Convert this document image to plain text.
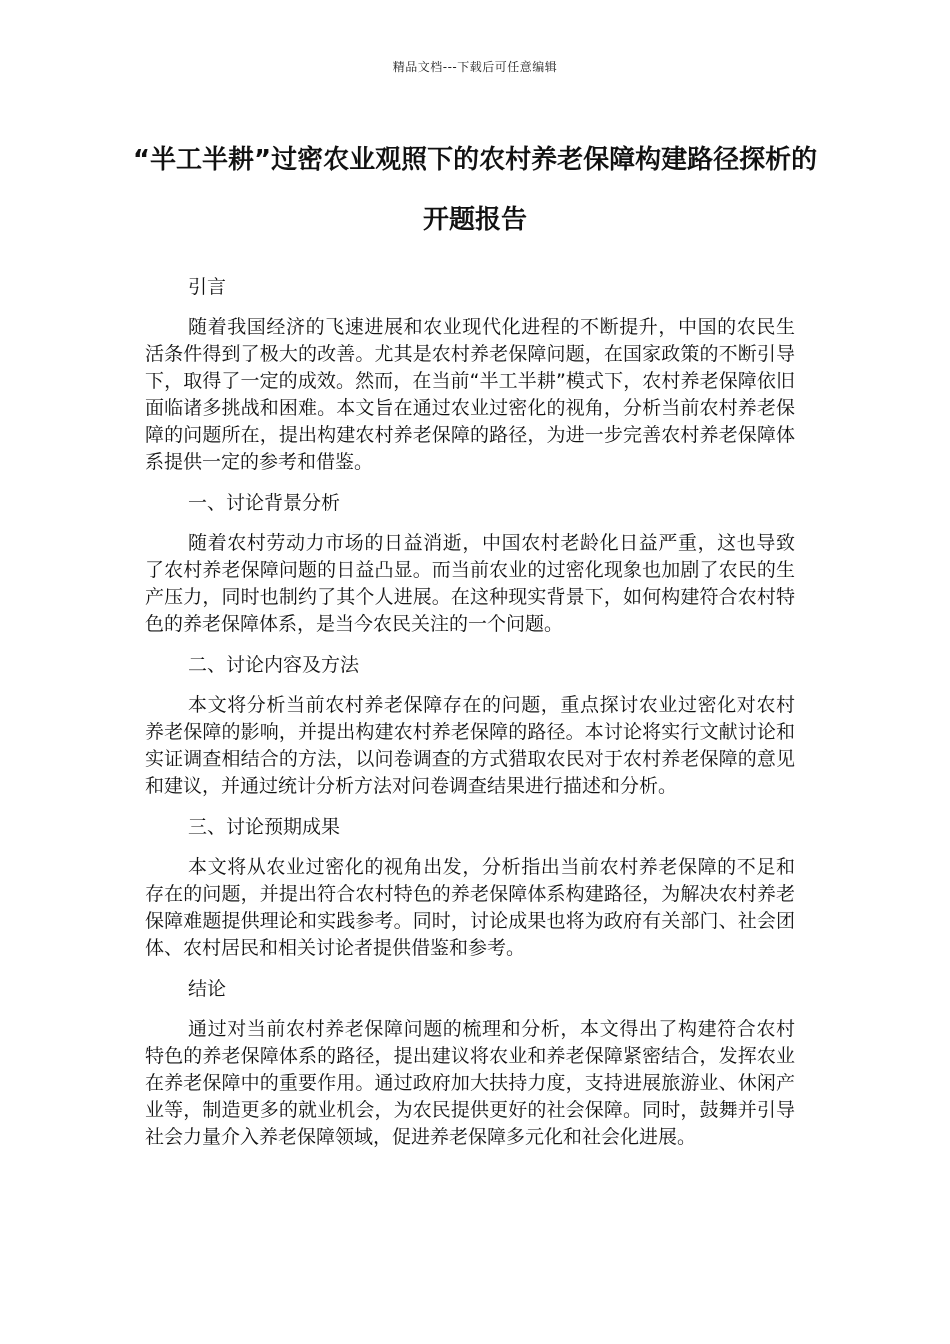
精品文档---下载后可任意编辑
“半工半耕”过密农业观照下的农村养老保障构建路径探析的开题报告

引言

随着我国经济的飞速进展和农业现代化进程的不断提升，中国的农民生活条件得到了极大的改善。尤其是农村养老保障问题，在国家政策的不断引导下，取得了一定的成效。然而，在当前“半工半耕”模式下，农村养老保障依旧面临诸多挑战和困难。本文旨在通过农业过密化的视角，分析当前农村养老保障的问题所在，提出构建农村养老保障的路径，为进一步完善农村养老保障体系提供一定的参考和借鉴。

一、讨论背景分析

随着农村劳动力市场的日益消逝，中国农村老龄化日益严重，这也导致了农村养老保障问题的日益凸显。而当前农业的过密化现象也加剧了农民的生产压力，同时也制约了其个人进展。在这种现实背景下，如何构建符合农村特色的养老保障体系，是当今农民关注的一个问题。

二、讨论内容及方法

本文将分析当前农村养老保障存在的问题，重点探讨农业过密化对农村养老保障的影响，并提出构建农村养老保障的路径。本讨论将实行文献讨论和实证调查相结合的方法，以问卷调查的方式猎取农民对于农村养老保障的意见和建议，并通过统计分析方法对问卷调查结果进行描述和分析。

三、讨论预期成果

本文将从农业过密化的视角出发，分析指出当前农村养老保障的不足和存在的问题，并提出符合农村特色的养老保障体系构建路径，为解决农村养老保障难题提供理论和实践参考。同时，讨论成果也将为政府有关部门、社会团体、农村居民和相关讨论者提供借鉴和参考。

结论

通过对当前农村养老保障问题的梳理和分析，本文得出了构建符合农村特色的养老保障体系的路径，提出建议将农业和养老保障紧密结合，发挥农业在养老保障中的重要作用。通过政府加大扶持力度，支持进展旅游业、休闲产业等，制造更多的就业机会，为农民提供更好的社会保障。同时，鼓舞并引导社会力量介入养老保障领域，促进养老保障多元化和社会化进展。
